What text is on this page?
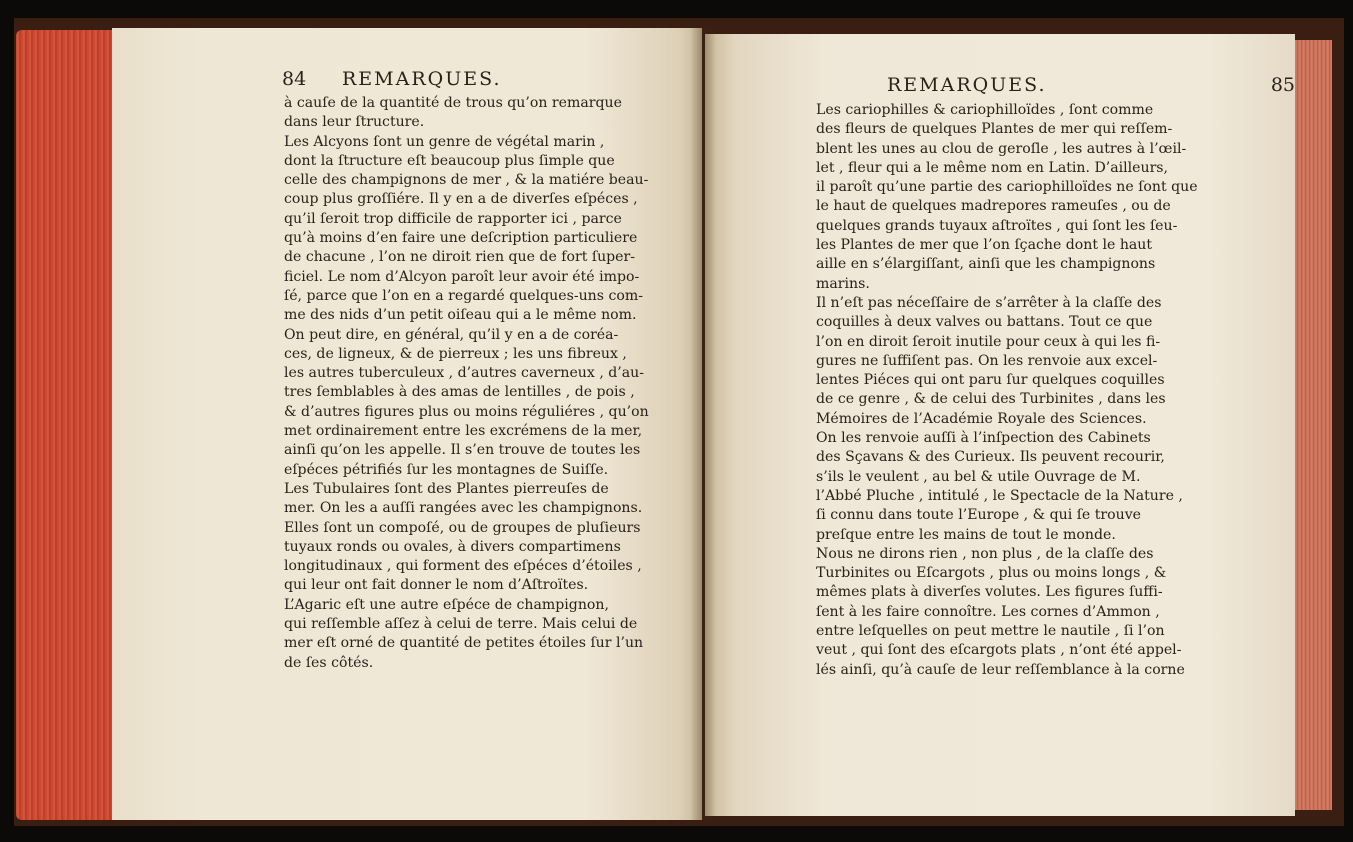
84 REMARQUES.
à cauſe de la quantité de trous qu’on remarque
dans leur ſtructure.
Les Alcyons ſont un genre de végétal marin ,
dont la ſtructure eſt beaucoup plus ſimple que
celle des champignons de mer , & la matiére beau-
coup plus groſſiére. Il y en a de diverſes eſpéces ,
qu’il ſeroit trop difficile de rapporter ici , parce
qu’à moins d’en faire une deſcription particuliere
de chacune , l’on ne diroit rien que de fort ſuper-
ficiel. Le nom d’Alcyon paroît leur avoir été impo-
ſé, parce que l’on en a regardé quelques-uns com-
me des nids d’un petit oiſeau qui a le même nom.
On peut dire, en général, qu’il y en a de coréa-
ces, de ligneux, & de pierreux ; les uns fibreux ,
les autres tuberculeux , d’autres caverneux , d’au-
tres ſemblables à des amas de lentilles , de pois ,
& d’autres figures plus ou moins réguliéres , qu’on
met ordinairement entre les excrémens de la mer,
ainſi qu’on les appelle. Il s’en trouve de toutes les
eſpéces pétrifiés ſur les montagnes de Suiſſe.
Les Tubulaires ſont des Plantes pierreuſes de
mer. On les a auſſi rangées avec les champignons.
Elles ſont un compoſé, ou de groupes de pluſieurs
tuyaux ronds ou ovales, à divers compartimens
longitudinaux , qui forment des eſpéces d’étoiles ,
qui leur ont fait donner le nom d’Aſtroïtes.
L’Agaric eſt une autre eſpéce de champignon,
qui reſſemble aſſez à celui de terre. Mais celui de
mer eſt orné de quantité de petites étoiles ſur l’un
de ſes côtés.
REMARQUES.	85
Les cariophilles & cariophilloïdes , ſont comme
des fleurs de quelques Plantes de mer qui reſſem-
blent les unes au clou de geroſle , les autres à l’œil-
let , fleur qui a le même nom en Latin. D’ailleurs,
il paroît qu’une partie des cariophilloïdes ne ſont que
le haut de quelques madrepores rameuſes , ou de
quelques grands tuyaux aſtroïtes , qui ſont les ſeu-
les Plantes de mer que l’on ſçache dont le haut
aille en s’élargiſſant, ainſi que les champignons
marins.
Il n’eſt pas néceſſaire de s’arrêter à la claſſe des
coquilles à deux valves ou battans. Tout ce que
l’on en diroit ſeroit inutile pour ceux à qui les fi-
gures ne ſuffiſent pas. On les renvoie aux excel-
lentes Piéces qui ont paru ſur quelques coquilles
de ce genre , & de celui des Turbinites , dans les
Mémoires de l’Académie Royale des Sciences.
On les renvoie auſſi à l’inſpection des Cabinets
des Sçavans & des Curieux. Ils peuvent recourir,
s’ils le veulent , au bel & utile Ouvrage de M.
l’Abbé Pluche , intitulé , le Spectacle de la Nature ,
ſi connu dans toute l’Europe , & qui ſe trouve
preſque entre les mains de tout le monde.
Nous ne dirons rien , non plus , de la claſſe des
Turbinites ou Eſcargots , plus ou moins longs , &
mêmes plats à diverſes volutes. Les figures ſuffi-
ſent à les faire connoître. Les cornes d’Ammon ,
entre leſquelles on peut mettre le nautile , ſi l’on
veut , qui ſont des eſcargots plats , n’ont été appel-
lés ainſi, qu’à cauſe de leur reſſemblance à la corne
